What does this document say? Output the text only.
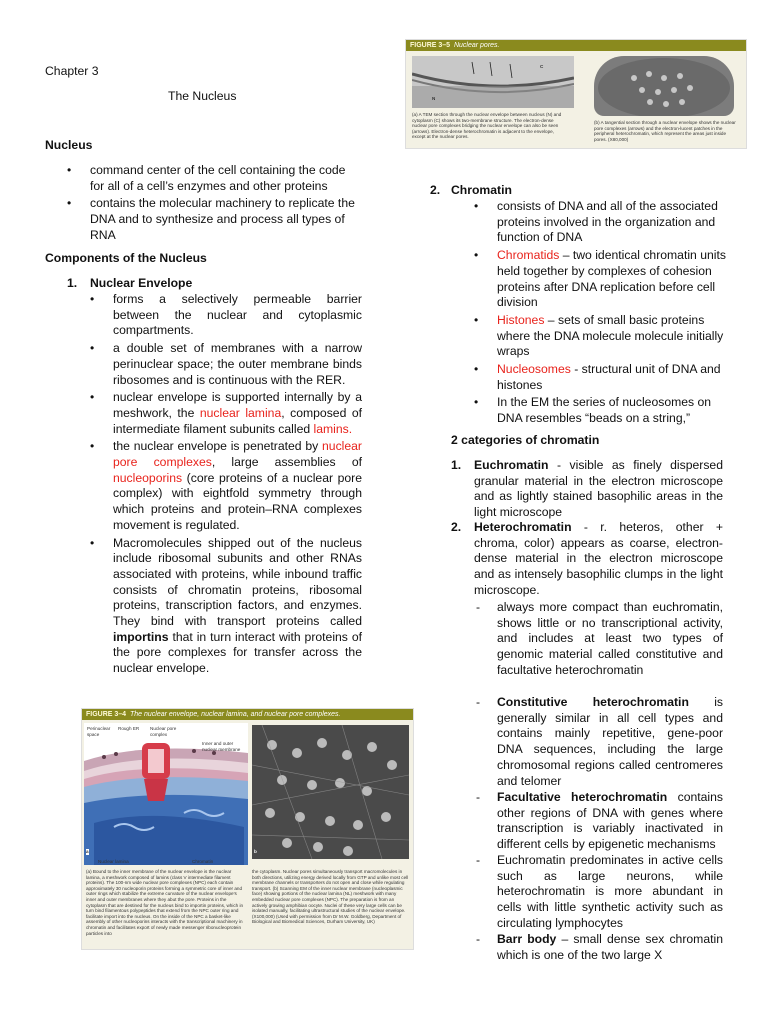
Chapter 3
The Nucleus
Nucleus
• command center of the cell containing the code for all of a cell’s enzymes and other proteins
• contains the molecular machinery to replicate the DNA and to synthesize and process all types of RNA
Components of the Nucleus
1. Nuclear Envelope
• forms a selectively permeable barrier between the nuclear and cytoplasmic compartments.
• a double set of membranes with a narrow perinuclear space; the outer membrane binds ribosomes and is continuous with the RER.
• nuclear envelope is supported internally by a meshwork, the nuclear lamina, composed of intermediate filament subunits called lamins.
• the nuclear envelope is penetrated by nuclear pore complexes, large assemblies of nucleoporins (core proteins of a nuclear pore complex) with eightfold symmetry through which proteins and protein–RNA complexes movement is regulated.
• Macromolecules shipped out of the nucleus include ribosomal subunits and other RNAs associated with proteins, while inbound traffic consists of chromatin proteins, ribosomal proteins, transcription factors, and enzymes. They bind with transport proteins called importins that in turn interact with proteins of the pore complexes for transfer across the nuclear envelope.
FIGURE 3–4 The nuclear envelope, nuclear lamina, and nuclear pore complexes.
Perinuclear space
Rough ER Nuclear pore complex
Inner and outer nuclear membrane
Nuclear lamina	Chromatin
a	b
(a) Bound to the inner membrane of the nuclear envelope is the nuclear lamina, a meshwork composed of lamins (class V intermediate filament proteins). The 100-nm wide nuclear pore complexes (NPC) each contain approximately 30 nucleoporin proteins forming a symmetric core of inner and outer rings which stabilize the extreme curvature of the nuclear envelope's inner and outer membranes where they abut the pore. Proteins in the cytoplasm that are destined for the nucleus bind to importin proteins, which in turn bind filamentous polypeptides that extend from the NPC outer ring and facilitate import into the nucleus. On the inside of the NPC a basket-like assembly of other nucleoporins interacts with the transcriptional machinery in chromatin and facilitates export of newly made messenger ribonucleoprotein particles into
the cytoplasm. Nuclear pores simultaneously transport macromolecules in both directions, utilizing energy derived locally from GTP and unlike most cell membrane channels or transporters do not open and close while regulating transport. (b) Scanning EM of the inner nuclear membrane (nucleoplasmic face) showing portions of the nuclear lamina (NL) meshwork with many embedded nuclear pore complexes (NPC). The preparation is from an actively growing amphibian oocyte. Nuclei of these very large cells can be isolated manually, facilitating ultrastructural studies of the nuclear envelope. (X100,000) (Used with permission from Dr M.W. Goldberg, Department of Biological and Biomedical Sciences, Durham University, UK)
FIGURE 3–5 Nuclear pores.
N
C
(a) A TEM section through the nuclear envelope between nucleus (N) and cytoplasm (C) shows its two-membrane structure. The electron-dense nuclear pore complexes bridging the nuclear envelope can also be seen (arrows). Electron-dense heterochromatin is adjacent to the envelope, except at the nuclear pores.
(b) A tangential section through a nuclear envelope shows the nuclear pore complexes (arrows) and the electron-lucent patches in the peripheral heterochromatin, which represent the areas just inside pores. (X80,000)
2. Chromatin
• consists of DNA and all of the associated proteins involved in the organization and function of DNA
• Chromatids – two identical chromatin units held together by complexes of cohesion proteins after DNA replication before cell division
• Histones – sets of small basic proteins where the DNA molecule molecule initially wraps
• Nucleosomes - structural unit of DNA and histones
• In the EM the series of nucleosomes on DNA resembles “beads on a string,”
2 categories of chromatin
1. Euchromatin - visible as finely dispersed granular material in the electron microscope and as lightly stained basophilic areas in the light microscope
2. Heterochromatin - r. heteros, other + chroma, color) appears as coarse, electron-dense material in the electron microscope and as intensely basophilic clumps in the light microscope.
- always more compact than euchromatin, shows little or no transcriptional activity, and includes at least two types of genomic material called constitutive and facultative heterochromatin
- Constitutive heterochromatin is generally similar in all cell types and contains mainly repetitive, gene-poor DNA sequences, including the large chromosomal regions called centromeres and telomer
- Facultative heterochromatin contains other regions of DNA with genes where transcription is variably inactivated in different cells by epigenetic mechanisms
- Euchromatin predominates in active cells such as large neurons, while heterochromatin is more abundant in cells with little synthetic activity such as circulating lymphocytes
- Barr body – small dense sex chromatin which is one of the two large X
